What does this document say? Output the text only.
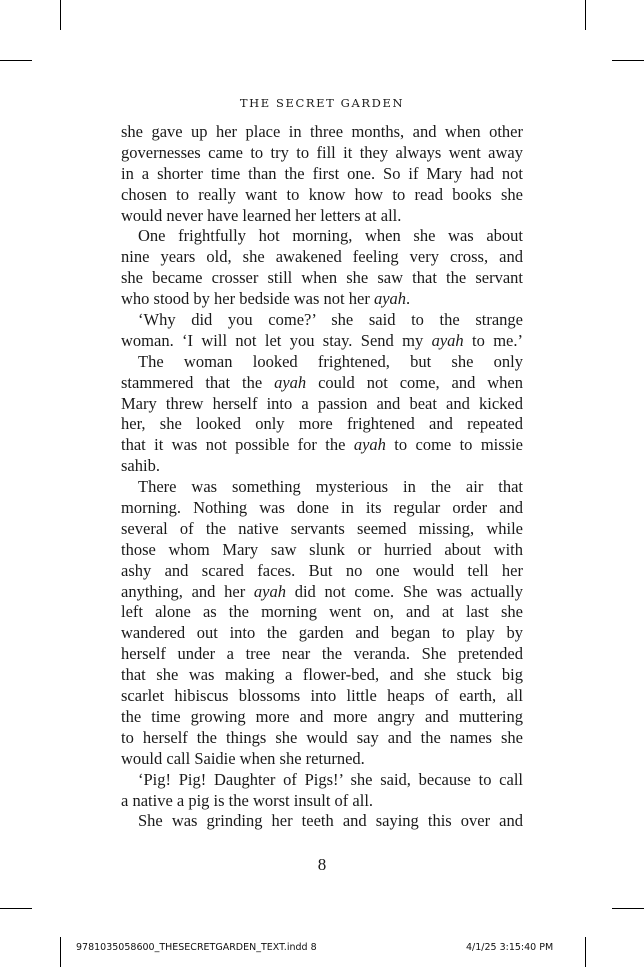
THE SECRET GARDEN
she gave up her place in three months, and when other
governesses came to try to fill it they always went away
in a shorter time than the first one. So if Mary had not
chosen to really want to know how to read books she
would never have learned her letters at all.
One frightfully hot morning, when she was about
nine years old, she awakened feeling very cross, and
she became crosser still when she saw that the servant
who stood by her bedside was not her ayah.
‘Why did you come?’ she said to the strange
woman. ‘I will not let you stay. Send my ayah to me.’
The woman looked frightened, but she only
stammered that the ayah could not come, and when
Mary threw herself into a passion and beat and kicked
her, she looked only more frightened and repeated
that it was not possible for the ayah to come to missie
sahib.
There was something mysterious in the air that
morning. Nothing was done in its regular order and
several of the native servants seemed missing, while
those whom Mary saw slunk or hurried about with
ashy and scared faces. But no one would tell her
anything, and her ayah did not come. She was actually
left alone as the morning went on, and at last she
wandered out into the garden and began to play by
herself under a tree near the veranda. She pretended
that she was making a flower-bed, and she stuck big
scarlet hibiscus blossoms into little heaps of earth, all
the time growing more and more angry and muttering
to herself the things she would say and the names she
would call Saidie when she returned.
‘Pig! Pig! Daughter of Pigs!’ she said, because to call
a native a pig is the worst insult of all.
She was grinding her teeth and saying this over and
8
9781035058600_THESECRETGARDEN_TEXT.indd 8	4/1/25 3:15:40 PM
